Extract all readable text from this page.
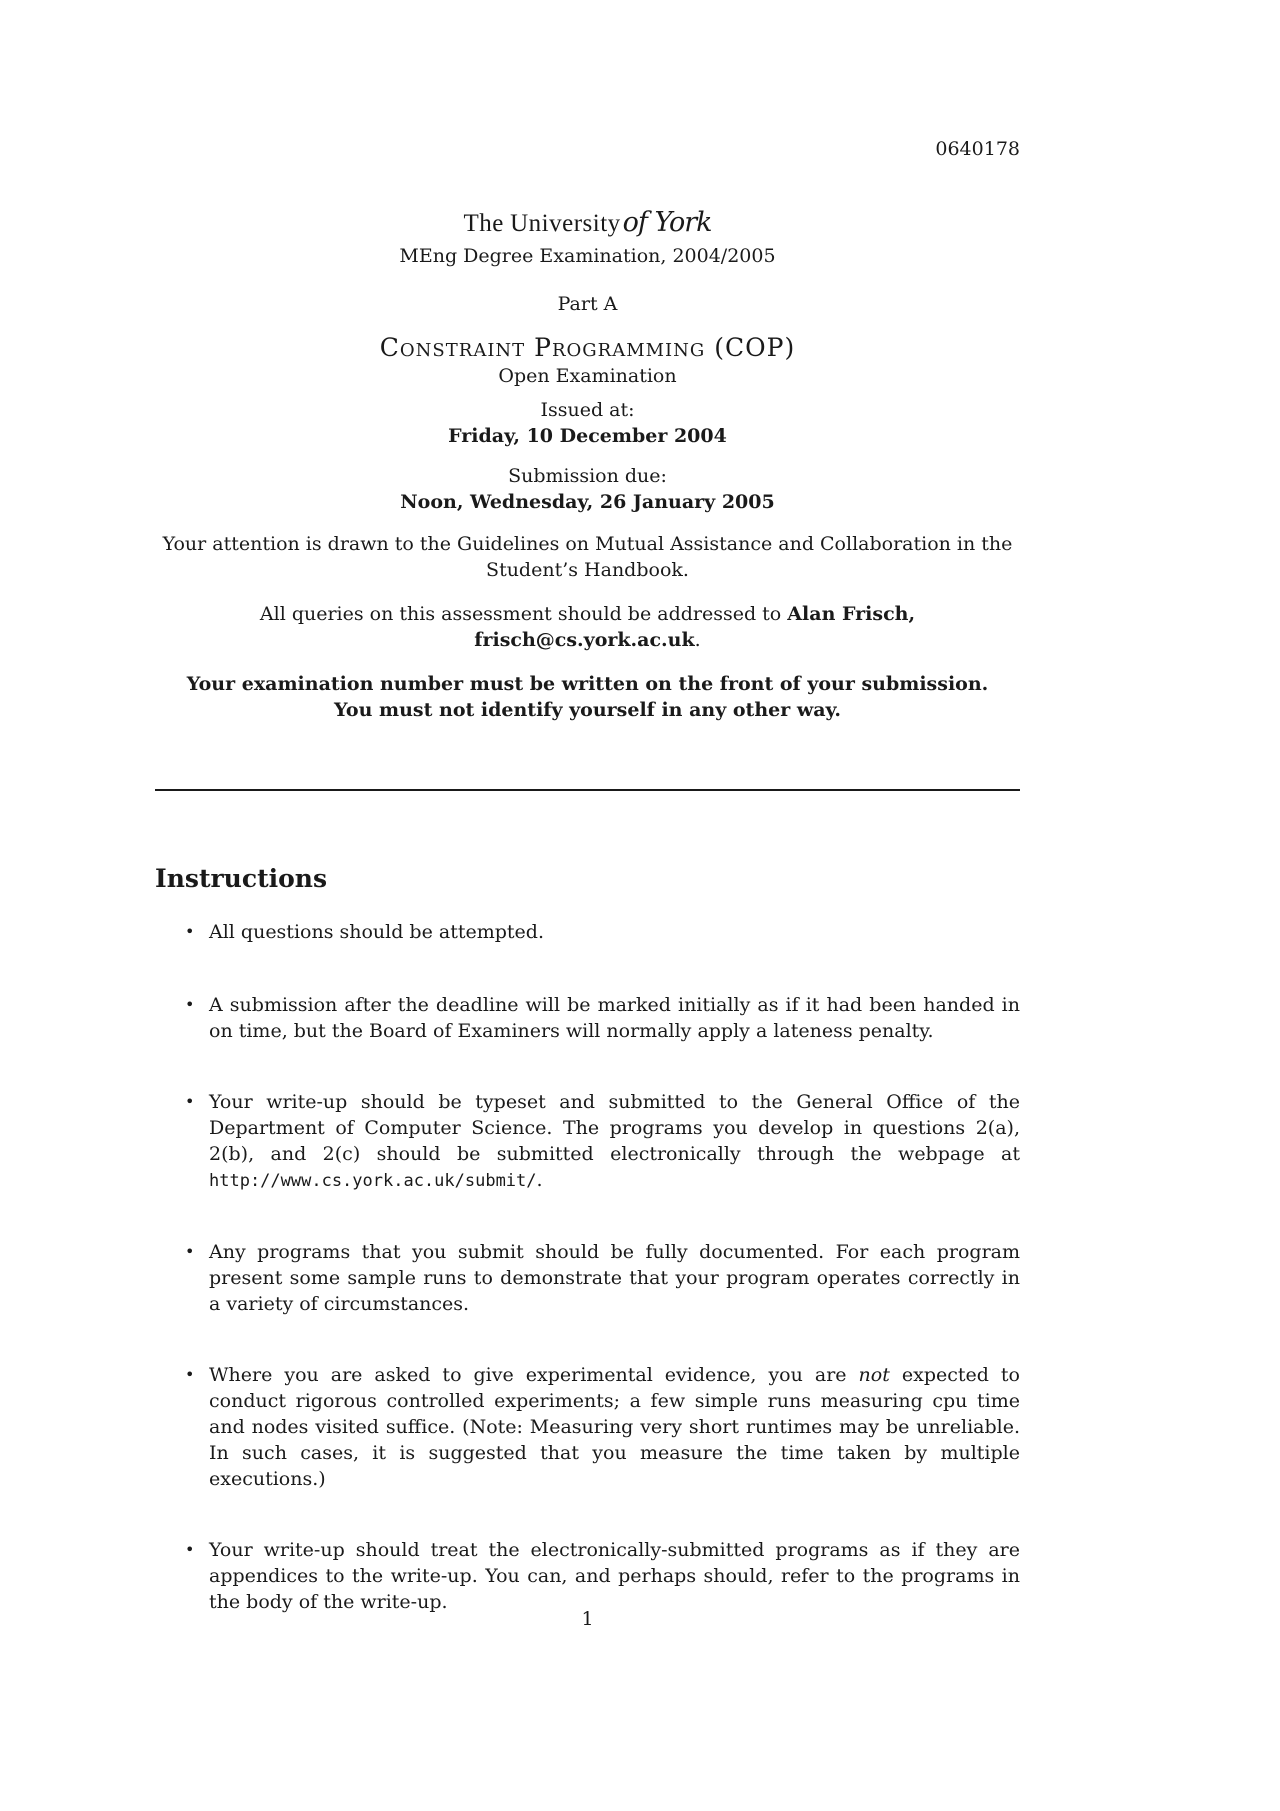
0640178
The Universityof York
MEng Degree Examination, 2004/2005
Part A
Constraint Programming (COP)
Open Examination
Issued at:
Friday, 10 December 2004
Submission due:
Noon, Wednesday, 26 January 2005
Your attention is drawn to the Guidelines on Mutual Assistance and Collaboration in the
Student’s Handbook.
All queries on this assessment should be addressed to Alan Frisch, frisch@cs.york.ac.uk.
Your examination number must be written on the front of your submission.
You must not identify yourself in any other way.
Instructions
• All questions should be attempted.
• A submission after the deadline will be marked initially as if it had been handed in on time, but the Board of Examiners will normally apply a lateness penalty.
• Your write-up should be typeset and submitted to the General Office of the Department of Computer Science. The programs you develop in questions 2(a), 2(b), and 2(c) should be submitted electronically through the webpage at http://www.cs.york.ac.uk/submit/.
• Any programs that you submit should be fully documented. For each program present some sample runs to demonstrate that your program operates correctly in a variety of circumstances.
• Where you are asked to give experimental evidence, you are not expected to conduct rigorous controlled experiments; a few simple runs measuring cpu time and nodes visited suffice. (Note: Measuring very short runtimes may be unreliable. In such cases, it is suggested that you measure the time taken by multiple executions.)
• Your write-up should treat the electronically-submitted programs as if they are appendices to the write-up. You can, and perhaps should, refer to the programs in the body of the write-up.
1
